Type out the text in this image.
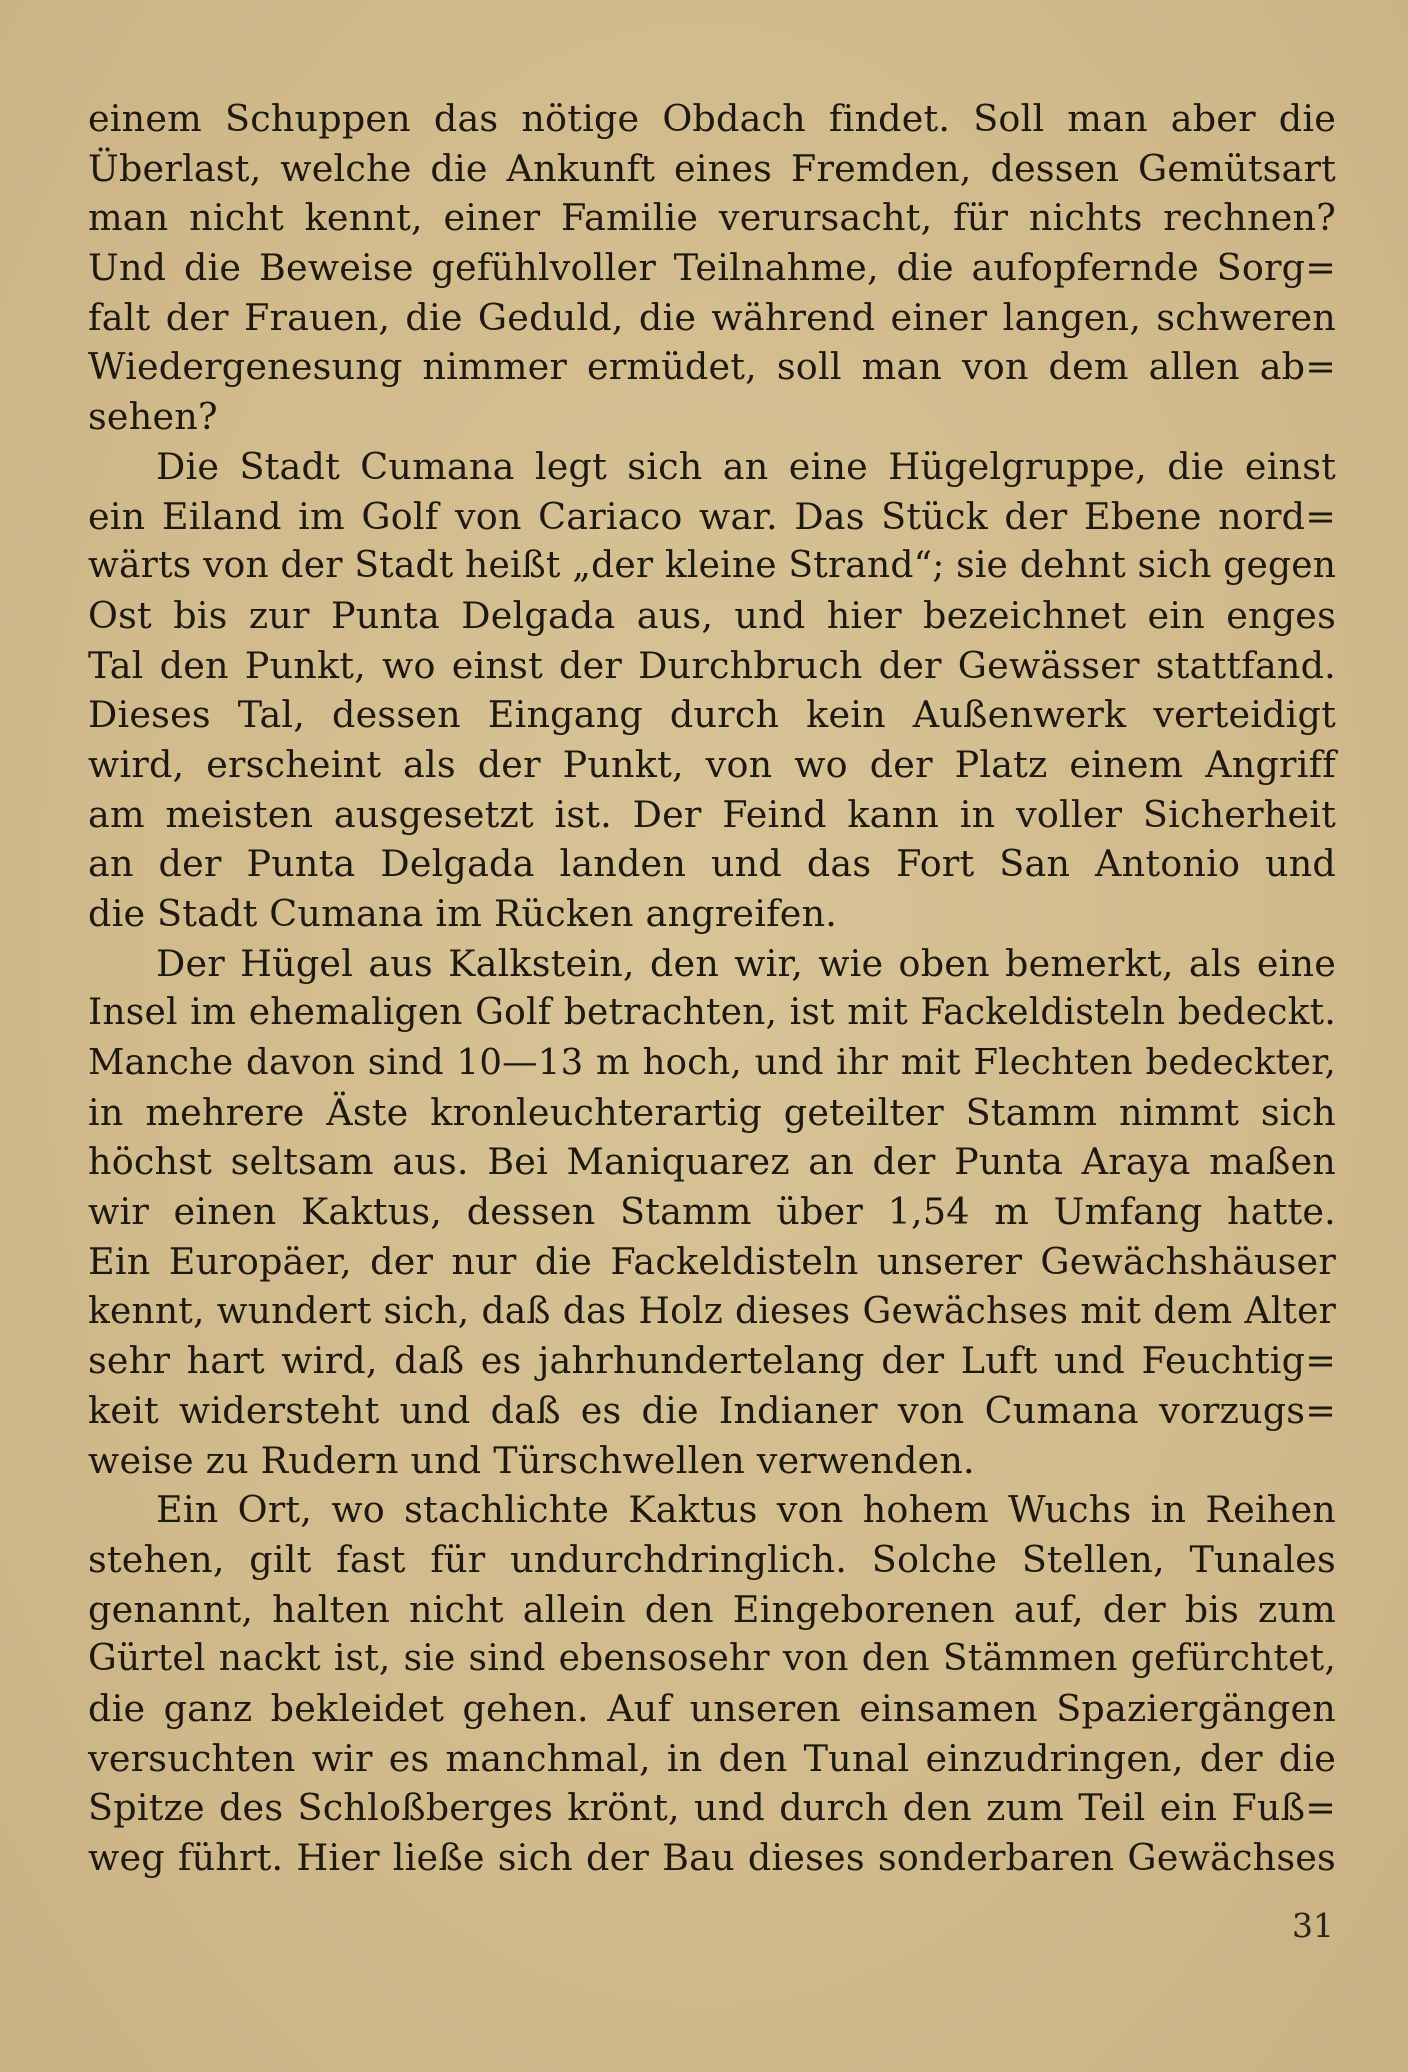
einem Schuppen das nötige Obdach findet. Soll man aber die
Überlast, welche die Ankunft eines Fremden, dessen Gemütsart
man nicht kennt, einer Familie verursacht, für nichts rechnen?
Und die Beweise gefühlvoller Teilnahme, die aufopfernde Sorg=
falt der Frauen, die Geduld, die während einer langen, schweren
Wiedergenesung nimmer ermüdet, soll man von dem allen ab=
sehen?
Die Stadt Cumana legt sich an eine Hügelgruppe, die einst
ein Eiland im Golf von Cariaco war. Das Stück der Ebene nord=
wärts von der Stadt heißt „der kleine Strand“; sie dehnt sich gegen
Ost bis zur Punta Delgada aus, und hier bezeichnet ein enges
Tal den Punkt, wo einst der Durchbruch der Gewässer stattfand.
Dieses Tal, dessen Eingang durch kein Außenwerk verteidigt
wird, erscheint als der Punkt, von wo der Platz einem Angriff
am meisten ausgesetzt ist. Der Feind kann in voller Sicherheit
an der Punta Delgada landen und das Fort San Antonio und
die Stadt Cumana im Rücken angreifen.
Der Hügel aus Kalkstein, den wir, wie oben bemerkt, als eine
Insel im ehemaligen Golf betrachten, ist mit Fackeldisteln bedeckt.
Manche davon sind 10—13 m hoch, und ihr mit Flechten bedeckter,
in mehrere Äste kronleuchterartig geteilter Stamm nimmt sich
höchst seltsam aus. Bei Maniquarez an der Punta Araya maßen
wir einen Kaktus, dessen Stamm über 1,54 m Umfang hatte.
Ein Europäer, der nur die Fackeldisteln unserer Gewächshäuser
kennt, wundert sich, daß das Holz dieses Gewächses mit dem Alter
sehr hart wird, daß es jahrhundertelang der Luft und Feuchtig=
keit widersteht und daß es die Indianer von Cumana vorzugs=
weise zu Rudern und Türschwellen verwenden.
Ein Ort, wo stachlichte Kaktus von hohem Wuchs in Reihen
stehen, gilt fast für undurchdringlich. Solche Stellen, Tunales
genannt, halten nicht allein den Eingeborenen auf, der bis zum
Gürtel nackt ist, sie sind ebensosehr von den Stämmen gefürchtet,
die ganz bekleidet gehen. Auf unseren einsamen Spaziergängen
versuchten wir es manchmal, in den Tunal einzudringen, der die
Spitze des Schloßberges krönt, und durch den zum Teil ein Fuß=
weg führt. Hier ließe sich der Bau dieses sonderbaren Gewächses
31
